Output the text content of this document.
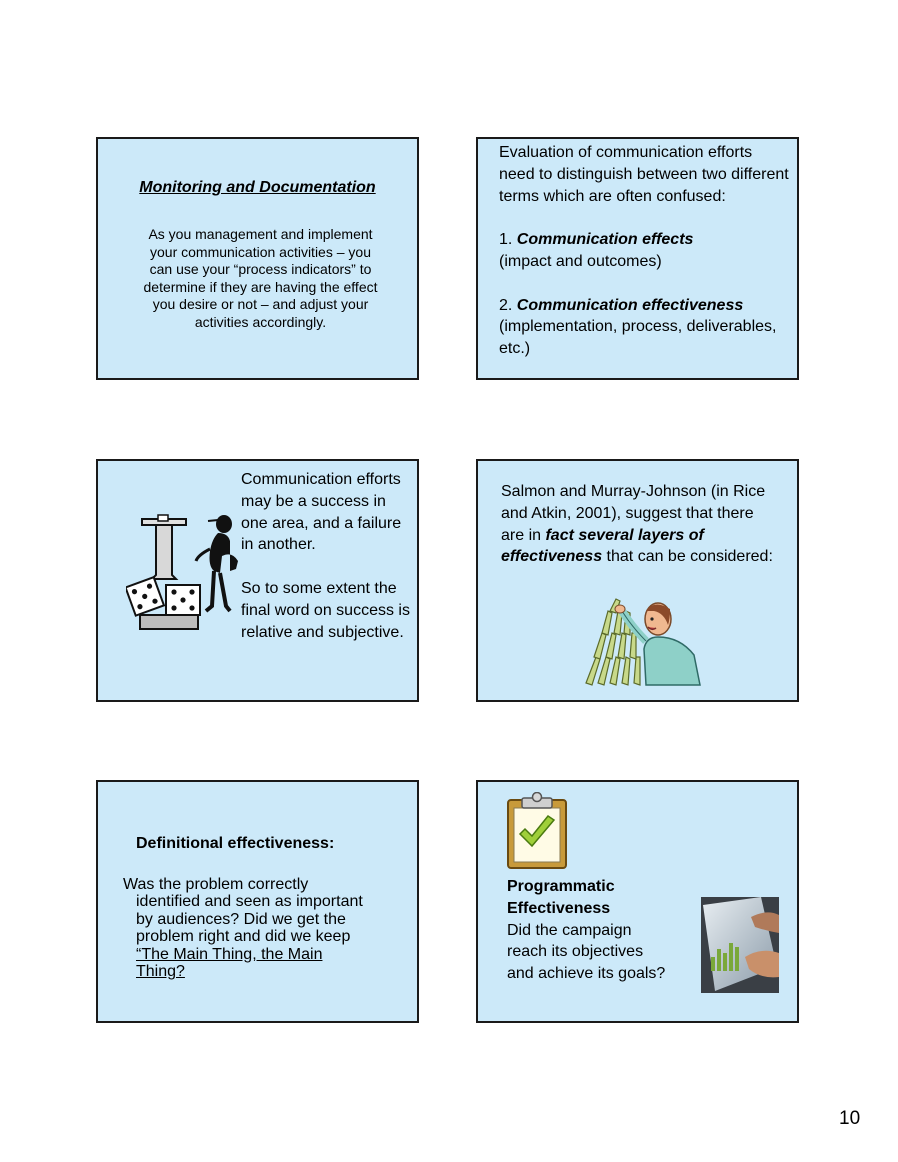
Monitoring and Documentation
As you management and implement your communication activities – you can use your “process indicators” to determine if they are having the effect you desire or not – and adjust your activities accordingly.

Evaluation of communication efforts need to distinguish between two different terms which are often confused:

1. Communication effects

(impact and outcomes)

2. Communication effectiveness

(implementation, process, deliverables, etc.)

Communication efforts may be a success in one area, and a failure in another.

So to some extent the final word on success is relative and subjective.

Salmon and Murray-Johnson (in Rice and Atkin, 2001), suggest that there are in fact several layers of effectiveness that can be considered:
Definitional effectiveness:
Was the problem correctly
identified and seen as important
by audiences? Did we get the
problem right and did we keep
“The Main Thing, the Main
Thing?
Programmatic
Effectiveness
Did the campaign
reach its objectives
and achieve its goals?
10
